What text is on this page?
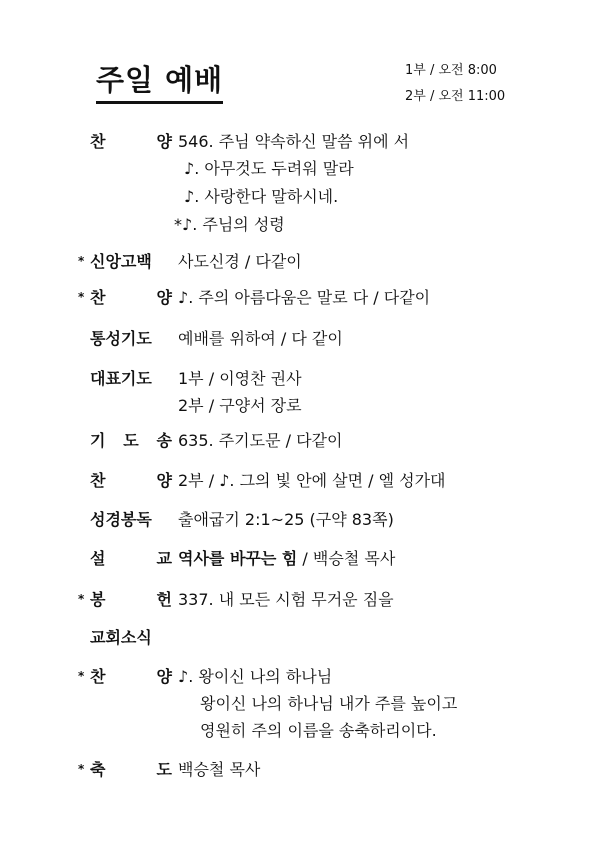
주일 예배	1부 / 오전 8:00
2부 / 오전 11:00
찬	양 546. 주님 약속하신 말씀 위에 서
♪. 아무것도 두려워 말라
♪. 사랑한다 말하시네.
*♪. 주님의 성령
* 신앙고백 사도신경 / 다같이
* 찬	양 ♪. 주의 아름다움은 말로 다 / 다같이
통성기도 예배를 위하여 / 다 같이
대표기도 1부 / 이영찬 권사
2부 / 구양서 장로
기 도 송 635. 주기도문 / 다같이
찬	양 2부 / ♪. 그의 빛 안에 살면 / 엘 성가대
성경봉독 출애굽기 2:1~25 (구약 83쪽)
설	교 역사를 바꾸는 힘 / 백승철 목사
* 봉	헌 337. 내 모든 시험 무거운 짐을
교회소식
* 찬	양 ♪. 왕이신 나의 하나님
왕이신 나의 하나님 내가 주를 높이고
영원히 주의 이름을 송축하리이다.
* 축	도 백승철 목사
